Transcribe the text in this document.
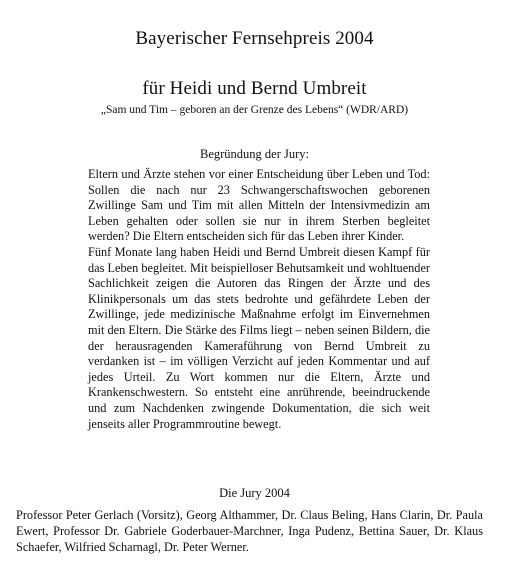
Bayerischer Fernsehpreis 2004
für Heidi und Bernd Umbreit
„Sam und Tim – geboren an der Grenze des Lebens“ (WDR/ARD)
Begründung der Jury:

Eltern und Ärzte stehen vor einer Entscheidung über Leben und Tod: Sollen die nach nur 23 Schwangerschaftswochen geborenen Zwillinge Sam und Tim mit allen Mitteln der Intensivmedizin am Leben gehalten oder sollen sie nur in ihrem Sterben begleitet werden? Die Eltern entscheiden sich für das Leben ihrer Kinder.

Fünf Monate lang haben Heidi und Bernd Umbreit diesen Kampf für das Leben begleitet. Mit beispielloser Behutsamkeit und wohltuender Sachlichkeit zeigen die Autoren das Ringen der Ärzte und des Klinikpersonals um das stets bedrohte und gefährdete Leben der Zwillinge, jede medizinische Maßnahme erfolgt im Einvernehmen mit den Eltern. Die Stärke des Films liegt – neben seinen Bildern, die der herausragenden Kameraführung von Bernd Umbreit zu verdanken ist – im völligen Verzicht auf jeden Kommentar und auf jedes Urteil. Zu Wort kommen nur die Eltern, Ärzte und Krankenschwestern. So entsteht eine anrührende, beeindruckende und zum Nachdenken zwingende Dokumentation, die sich weit jenseits aller Programmroutine bewegt.

Die Jury 2004
Professor Peter Gerlach (Vorsitz), Georg Althammer, Dr. Claus Beling, Hans Clarin, Dr. Paula Ewert, Professor Dr. Gabriele Goderbauer-Marchner, Inga Pudenz, Bettina Sauer, Dr. Klaus Schaefer, Wilfried Scharnagl, Dr. Peter Werner.
